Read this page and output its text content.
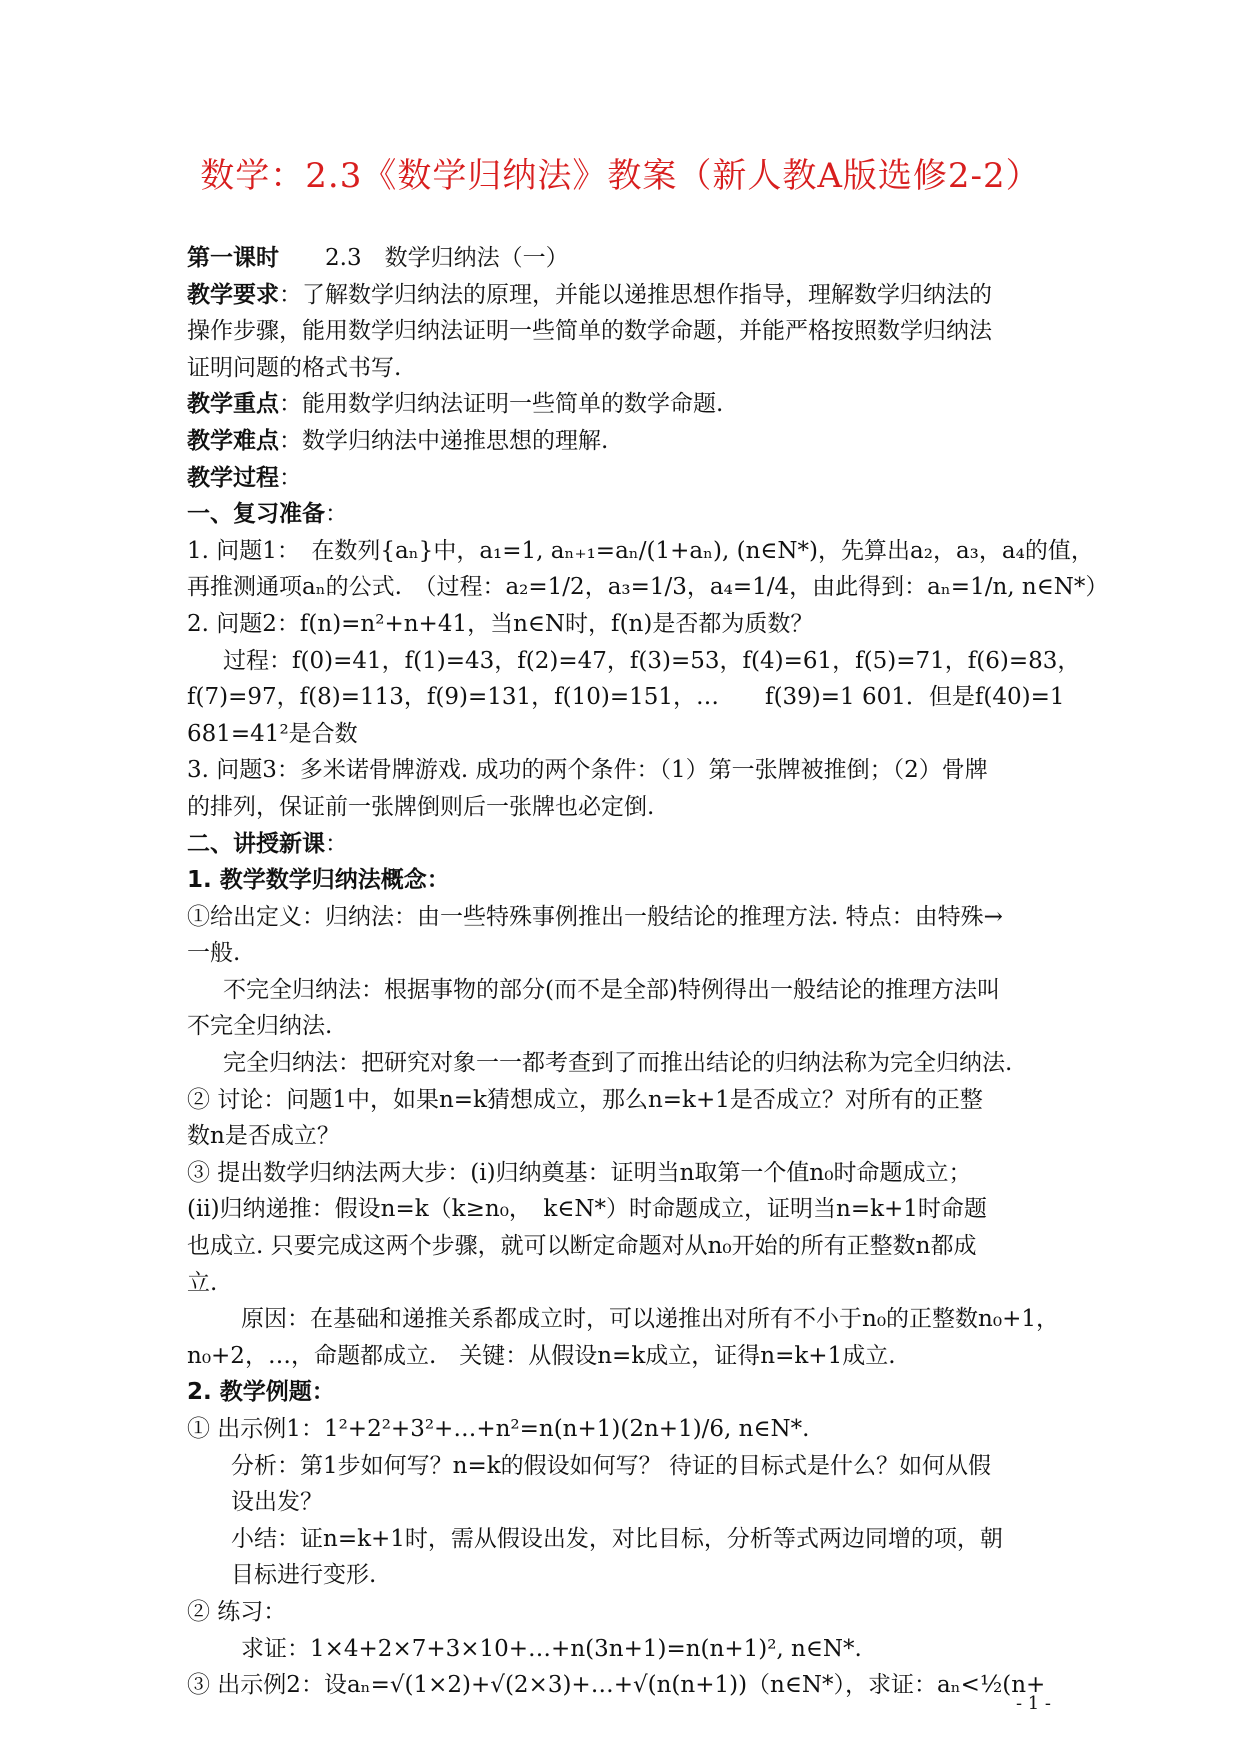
数学：2.3《数学归纳法》教案（新人教A版选修2-2）
第一课时　　2.3　数学归纳法（一）
教学要求：了解数学归纳法的原理，并能以递推思想作指导，理解数学归纳法的
操作步骤，能用数学归纳法证明一些简单的数学命题，并能严格按照数学归纳法
证明问题的格式书写.
教学重点：能用数学归纳法证明一些简单的数学命题.
教学难点：数学归纳法中递推思想的理解.
教学过程：
一、复习准备：
1. 问题1：　在数列{aₙ}中，a₁=1, aₙ₊₁=aₙ/(1+aₙ), (n∈N*)，先算出a₂，a₃，a₄的值，
再推测通项aₙ的公式.　（过程：a₂=1/2，a₃=1/3，a₄=1/4，由此得到：aₙ=1/n, n∈N*）
2. 问题2：f(n)=n²+n+41，当n∈N时，f(n)是否都为质数？
过程：f(0)=41，f(1)=43，f(2)=47，f(3)=53，f(4)=61，f(5)=71，f(6)=83，
f(7)=97，f(8)=113，f(9)=131，f(10)=151，…　　f(39)=1 601．但是f(40)=1
681=41²是合数
3. 问题3：多米诺骨牌游戏. 成功的两个条件：（1）第一张牌被推倒；（2）骨牌
的排列，保证前一张牌倒则后一张牌也必定倒.
二、讲授新课：
1. 教学数学归纳法概念：
①给出定义：归纳法：由一些特殊事例推出一般结论的推理方法. 特点：由特殊→
一般.
不完全归纳法：根据事物的部分(而不是全部)特例得出一般结论的推理方法叫
不完全归纳法.
完全归纳法：把研究对象一一都考查到了而推出结论的归纳法称为完全归纳法.
② 讨论：问题1中，如果n=k猜想成立，那么n=k+1是否成立？对所有的正整
数n是否成立？
③ 提出数学归纳法两大步：(i)归纳奠基：证明当n取第一个值n₀时命题成立；
(ii)归纳递推：假设n=k（k≥n₀，　k∈N*）时命题成立，证明当n=k+1时命题
也成立. 只要完成这两个步骤，就可以断定命题对从n₀开始的所有正整数n都成
立.
原因：在基础和递推关系都成立时，可以递推出对所有不小于n₀的正整数n₀+1，
n₀+2，…，命题都成立.　关键：从假设n=k成立，证得n=k+1成立.
2. 教学例题：
① 出示例1：1²+2²+3²+…+n²=n(n+1)(2n+1)/6, n∈N*.
分析：第1步如何写？n=k的假设如何写？ 待证的目标式是什么？如何从假
设出发？
小结：证n=k+1时，需从假设出发，对比目标，分析等式两边同增的项，朝
目标进行变形.
② 练习：
求证：1×4+2×7+3×10+…+n(3n+1)=n(n+1)², n∈N*.
③ 出示例2：设aₙ=√(1×2)+√(2×3)+…+√(n(n+1))（n∈N*），求证：aₙ<½(n+
- 1 -
